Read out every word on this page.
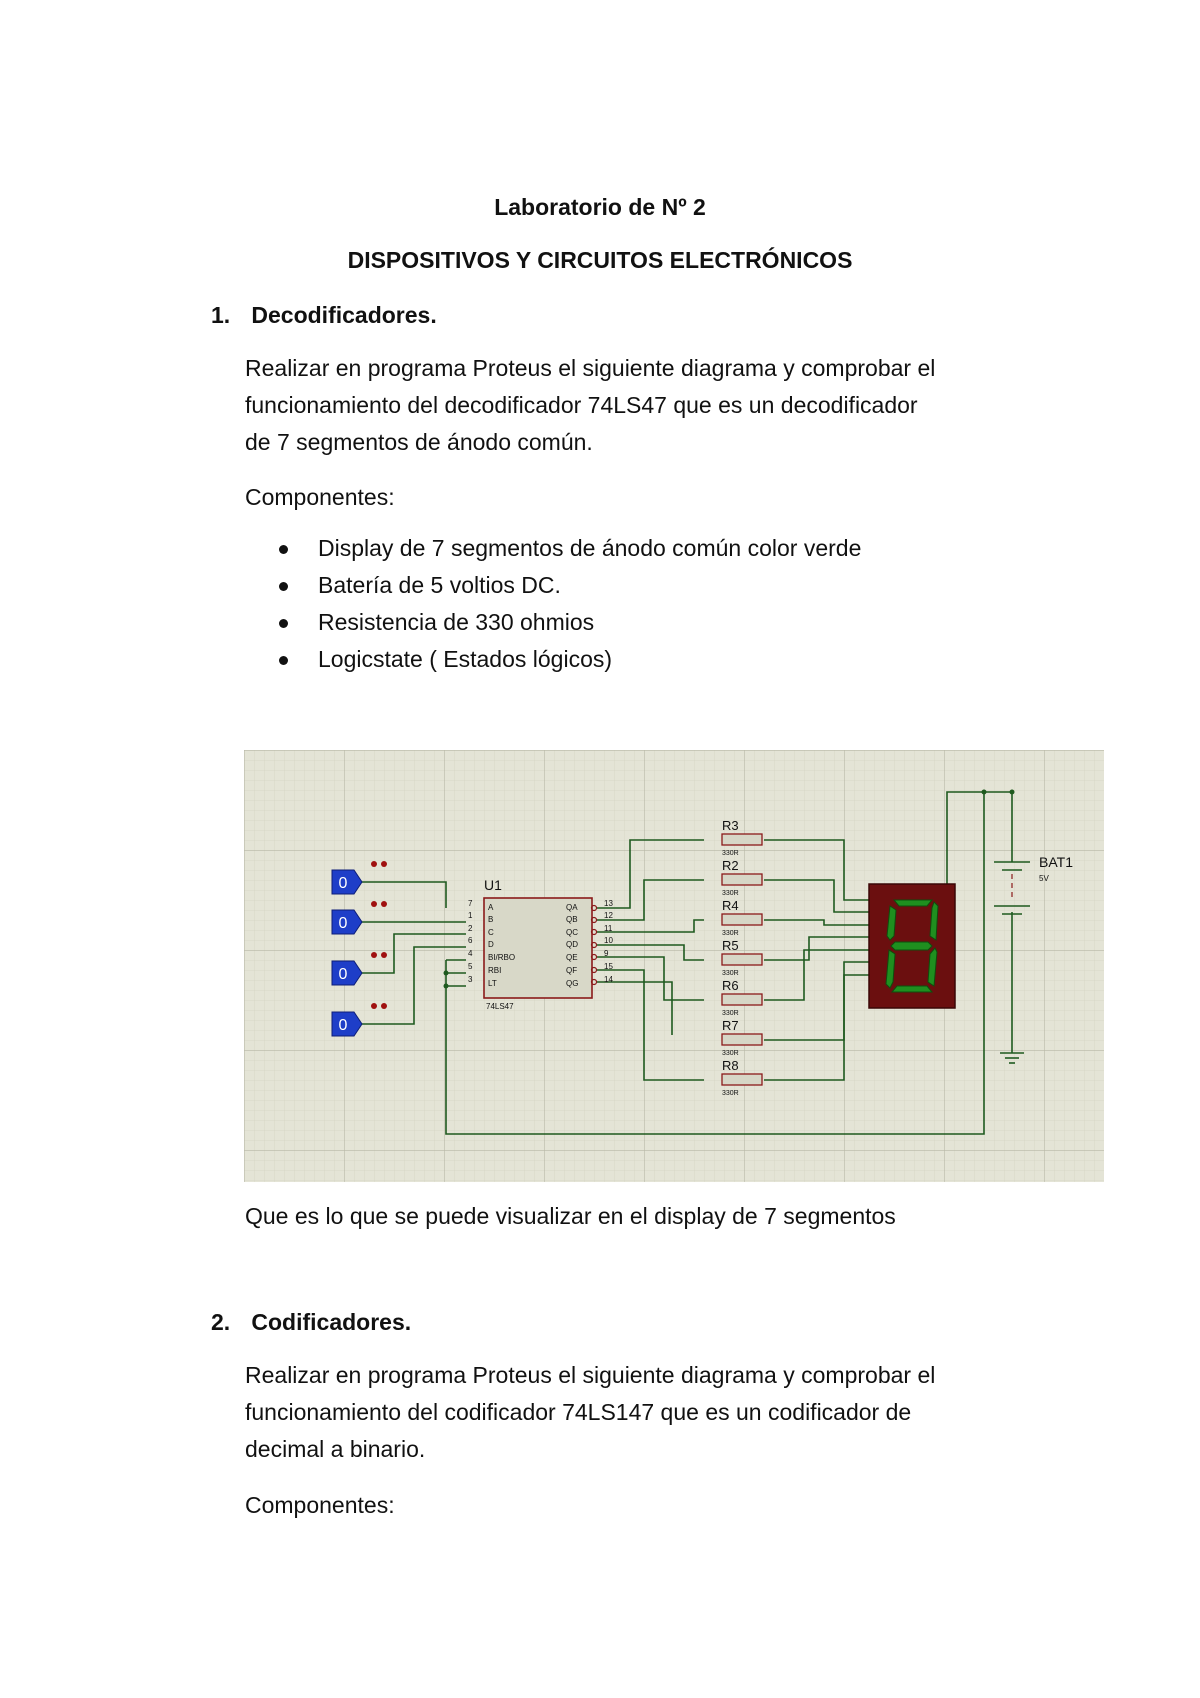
Laboratorio de Nº 2
DISPOSITIVOS Y CIRCUITOS ELECTRÓNICOS
1. Decodificadores.
Realizar en programa Proteus el siguiente diagrama y comprobar el
funcionamiento del decodificador 74LS47 que es un decodificador
de 7 segmentos de ánodo común.
Componentes:
Display de 7 segmentos de ánodo común color verde
Batería de 5 voltios DC.
Resistencia de 330 ohmios
Logicstate ( Estados lógicos)
0
0
0
0
U1
A
B
C
D
BI/RBO
RBI
LT
7
1
2
6
4
5
3
QA
QB
QC
QD
QE
QF
QG
13
12
11
10
9
15
14
74LS47
R3
330R
R2
330R
R4
330R
R5
330R
R6
330R
R7
330R
R8
330R
BAT1
5V
Que es lo que se puede visualizar en el display de 7 segmentos
2. Codificadores.
Realizar en programa Proteus el siguiente diagrama y comprobar el
funcionamiento del codificador 74LS147 que es un codificador de
decimal a binario.
Componentes:
